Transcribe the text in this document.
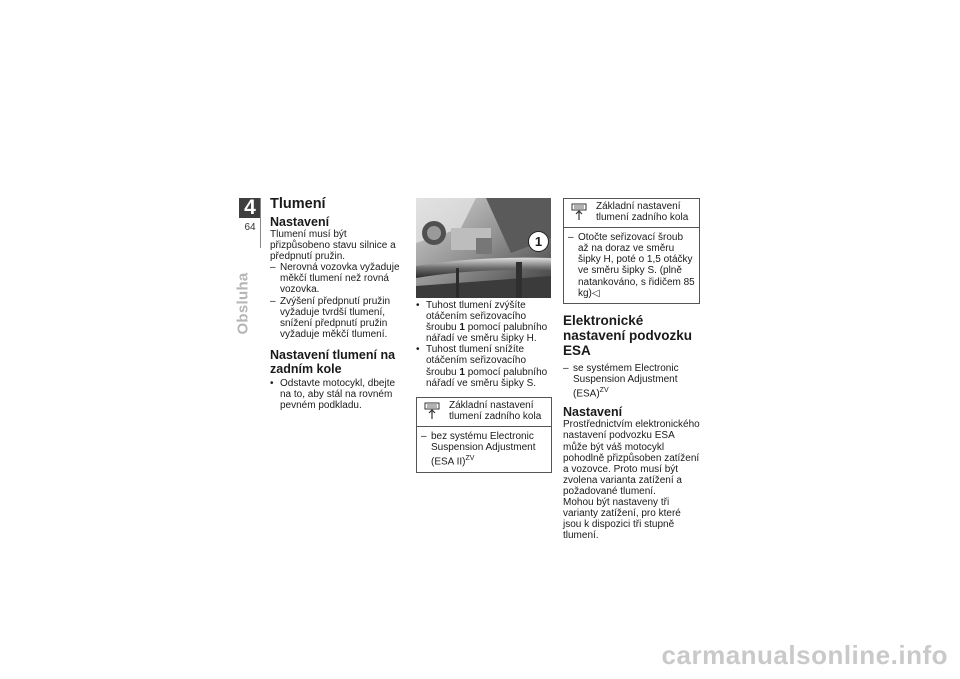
4
64
Obsluha
Tlumení
Nastavení

Tlumení musí být přizpůsobeno stavu silnice a předpnutí pružin.

– Nerovná vozovka vyžaduje měkčí tlumení než rovná vozovka.
– Zvýšení předpnutí pružin vyžaduje tvrdší tlumení, snížení předpnutí pružin vyžaduje měkčí tlumení.
Nastavení tlumení na zadním kole
• Odstavte motocykl, dbejte na to, aby stál na rovném pevném podkladu.
1
• Tuhost tlumení zvýšíte otáčením seřizovacího šroubu 1 pomocí palubního nářadí ve směru šipky H.
• Tuhost tlumení snížíte otáčením seřizovacího šroubu 1 pomocí palubního nářadí ve směru šipky S.
Základní nastavení tlumení zadního kola
– bez systému Electronic Suspension Adjustment (ESA II)$^{ZV}$
Základní nastavení tlumení zadního kola
– Otočte seřizovací šroub až na doraz ve směru šipky H, poté o 1,5 otáčky ve směru šipky S. (plně natankováno, s řidičem 85 kg)◁
Elektronické nastavení podvozku ESA
– se systémem Electronic Suspension Adjustment (ESA)$^{ZV}$
Nastavení

Prostřednictvím elektronického nastavení podvozku ESA může být váš motocykl pohodlně přizpůsoben zatížení a vozovce. Proto musí být zvolena varianta zatížení a požadované tlumení.

Mohou být nastaveny tři varianty zatížení, pro které jsou k dispozici tři stupně tlumení.

carmanualsonline.info
